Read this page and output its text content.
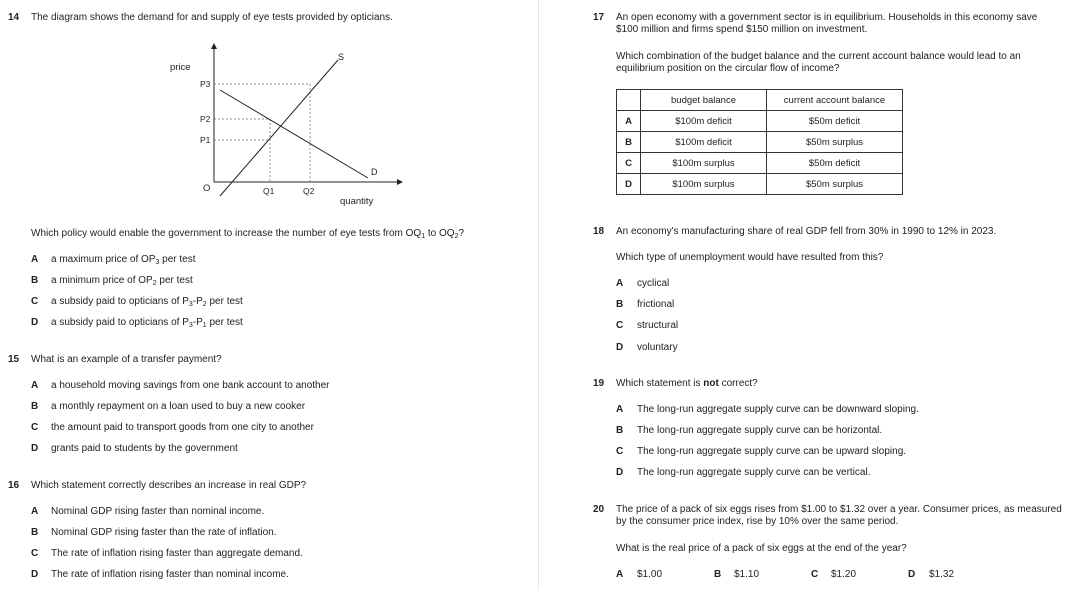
14 The diagram shows the demand for and supply of eye tests provided by opticians.
price
quantity
O
P3
P2
P1
Q1	Q2
S
D
Which policy would enable the government to increase the number of eye tests from $OQ_1$ to $OQ_2$?
A a maximum price of $OP_3$ per test
B a minimum price of $OP_2$ per test
C a subsidy paid to opticians of $P_3-P_2$ per test
D a subsidy paid to opticians of $P_3-P_1$ per test
15 What is an example of a transfer payment?
A a household moving savings from one bank account to another
B a monthly repayment on a loan used to buy a new cooker
C the amount paid to transport goods from one city to another
D grants paid to students by the government
16 Which statement correctly describes an increase in real GDP?
A Nominal GDP rising faster than nominal income.
B Nominal GDP rising faster than the rate of inflation.
C The rate of inflation rising faster than aggregate demand.
D The rate of inflation rising faster than nominal income.
17 An open economy with a government sector is in equilibrium. Households in this economy save
$100 million and firms spend $150 million on investment.
Which combination of the budget balance and the current account balance would lead to an
equilibrium position on the circular flow of income?
	budget balance	current account balance
A	$100m deficit	$50m deficit
B	$100m deficit	$50m surplus
C	$100m surplus	$50m deficit
D	$100m surplus	$50m surplus
18 An economy's manufacturing share of real GDP fell from 30% in 1990 to 12% in 2023.
Which type of unemployment would have resulted from this?
A cyclical
B frictional
C structural
D voluntary
19 Which statement is not correct?
A The long-run aggregate supply curve can be downward sloping.
B The long-run aggregate supply curve can be horizontal.
C The long-run aggregate supply curve can be upward sloping.
D The long-run aggregate supply curve can be vertical.
20 The price of a pack of six eggs rises from $1.00 to $1.32 over a year. Consumer prices, as measured
by the consumer price index, rise by 10% over the same period.
What is the real price of a pack of six eggs at the end of the year?
A $1.00	B $1.10	C $1.20	D $1.32
